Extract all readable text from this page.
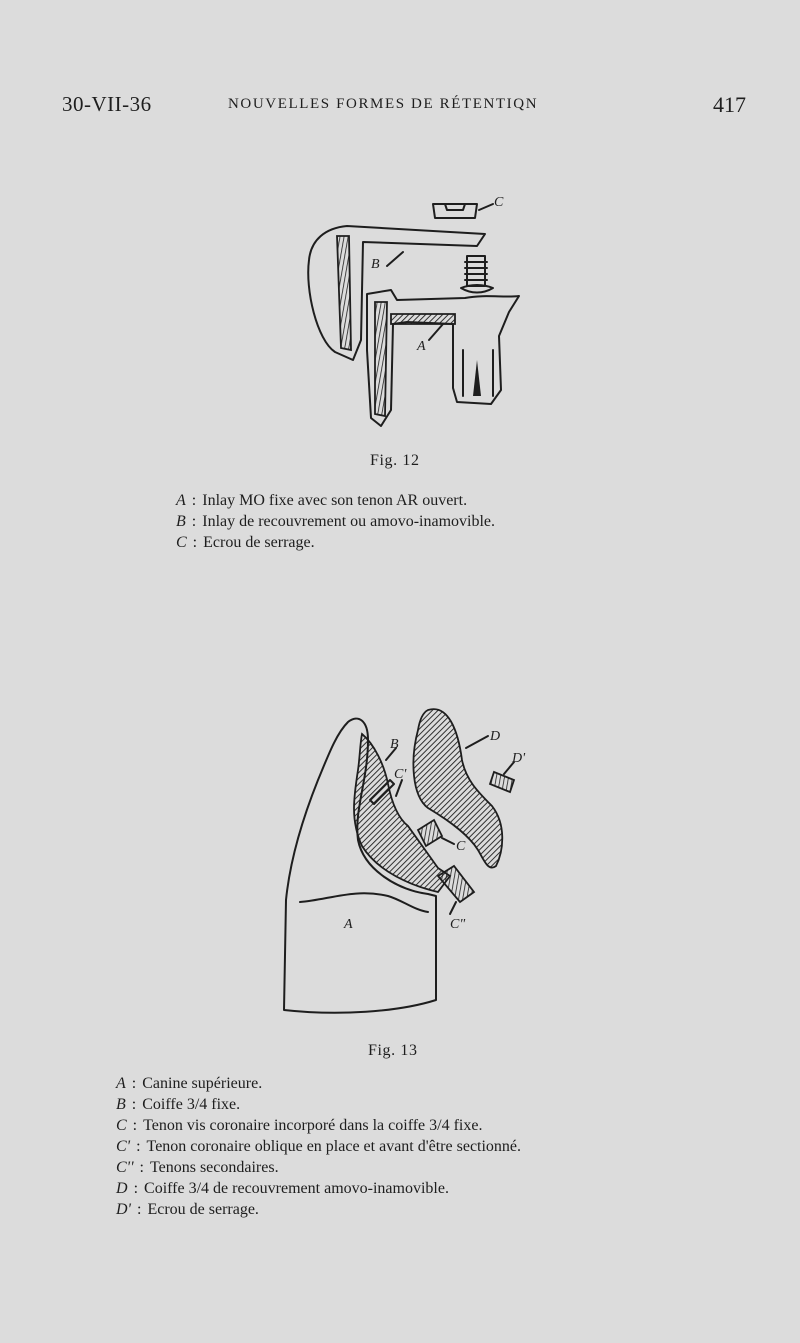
30-VII-36	NOUVELLES FORMES DE RÉTENTIQN	417
C
B
A
Fig. 12
A : Inlay MO fixe avec son tenon AR ouvert.
B : Inlay de recouvrement ou amovo-inamovible.
C : Ecrou de serrage.
A
B
C'
C
C"
D
D'
Fig. 13
A : Canine supérieure.
B : Coiffe 3/4 fixe.
C : Tenon vis coronaire incorporé dans la coiffe 3/4 fixe.
C' : Tenon coronaire oblique en place et avant d'être sectionné.
C'' : Tenons secondaires.
D : Coiffe 3/4 de recouvrement amovo-inamovible.
D' : Ecrou de serrage.
